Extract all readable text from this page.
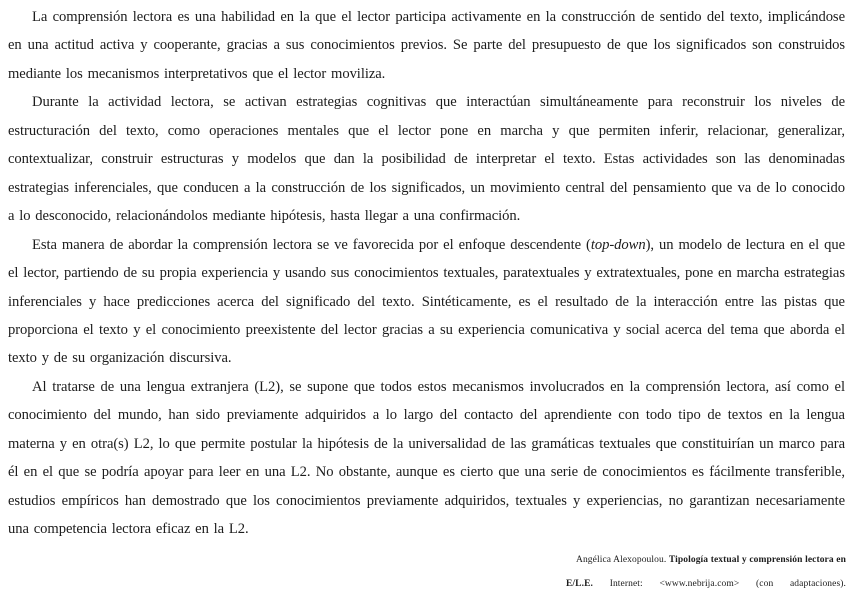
La comprensión lectora es una habilidad en la que el lector participa activamente en la construcción de sentido del texto, implicándose en una actitud activa y cooperante, gracias a sus conocimientos previos. Se parte del presupuesto de que los significados son construidos mediante los mecanismos interpretativos que el lector moviliza.

Durante la actividad lectora, se activan estrategias cognitivas que interactúan simultáneamente para reconstruir los niveles de estructuración del texto, como operaciones mentales que el lector pone en marcha y que permiten inferir, relacionar, generalizar, contextualizar, construir estructuras y modelos que dan la posibilidad de interpretar el texto. Estas actividades son las denominadas estrategias inferenciales, que conducen a la construcción de los significados, un movimiento central del pensamiento que va de lo conocido a lo desconocido, relacionándolos mediante hipótesis, hasta llegar a una confirmación.

Esta manera de abordar la comprensión lectora se ve favorecida por el enfoque descendente (top-down), un modelo de lectura en el que el lector, partiendo de su propia experiencia y usando sus conocimientos textuales, paratextuales y extratextuales, pone en marcha estrategias inferenciales y hace predicciones acerca del significado del texto. Sintéticamente, es el resultado de la interacción entre las pistas que proporciona el texto y el conocimiento preexistente del lector gracias a su experiencia comunicativa y social acerca del tema que aborda el texto y de su organización discursiva.

Al tratarse de una lengua extranjera (L2), se supone que todos estos mecanismos involucrados en la comprensión lectora, así como el conocimiento del mundo, han sido previamente adquiridos a lo largo del contacto del aprendiente con todo tipo de textos en la lengua materna y en otra(s) L2, lo que permite postular la hipótesis de la universalidad de las gramáticas textuales que constituirían un marco para él en el que se podría apoyar para leer en una L2. No obstante, aunque es cierto que una serie de conocimientos es fácilmente transferible, estudios empíricos han demostrado que los conocimientos previamente adquiridos, textuales y experiencias, no garantizan necesariamente una competencia lectora eficaz en la L2.

Angélica Alexopoulou. Tipología textual y comprensión lectora en E/L.E. Internet: <www.nebrija.com> (con adaptaciones).
